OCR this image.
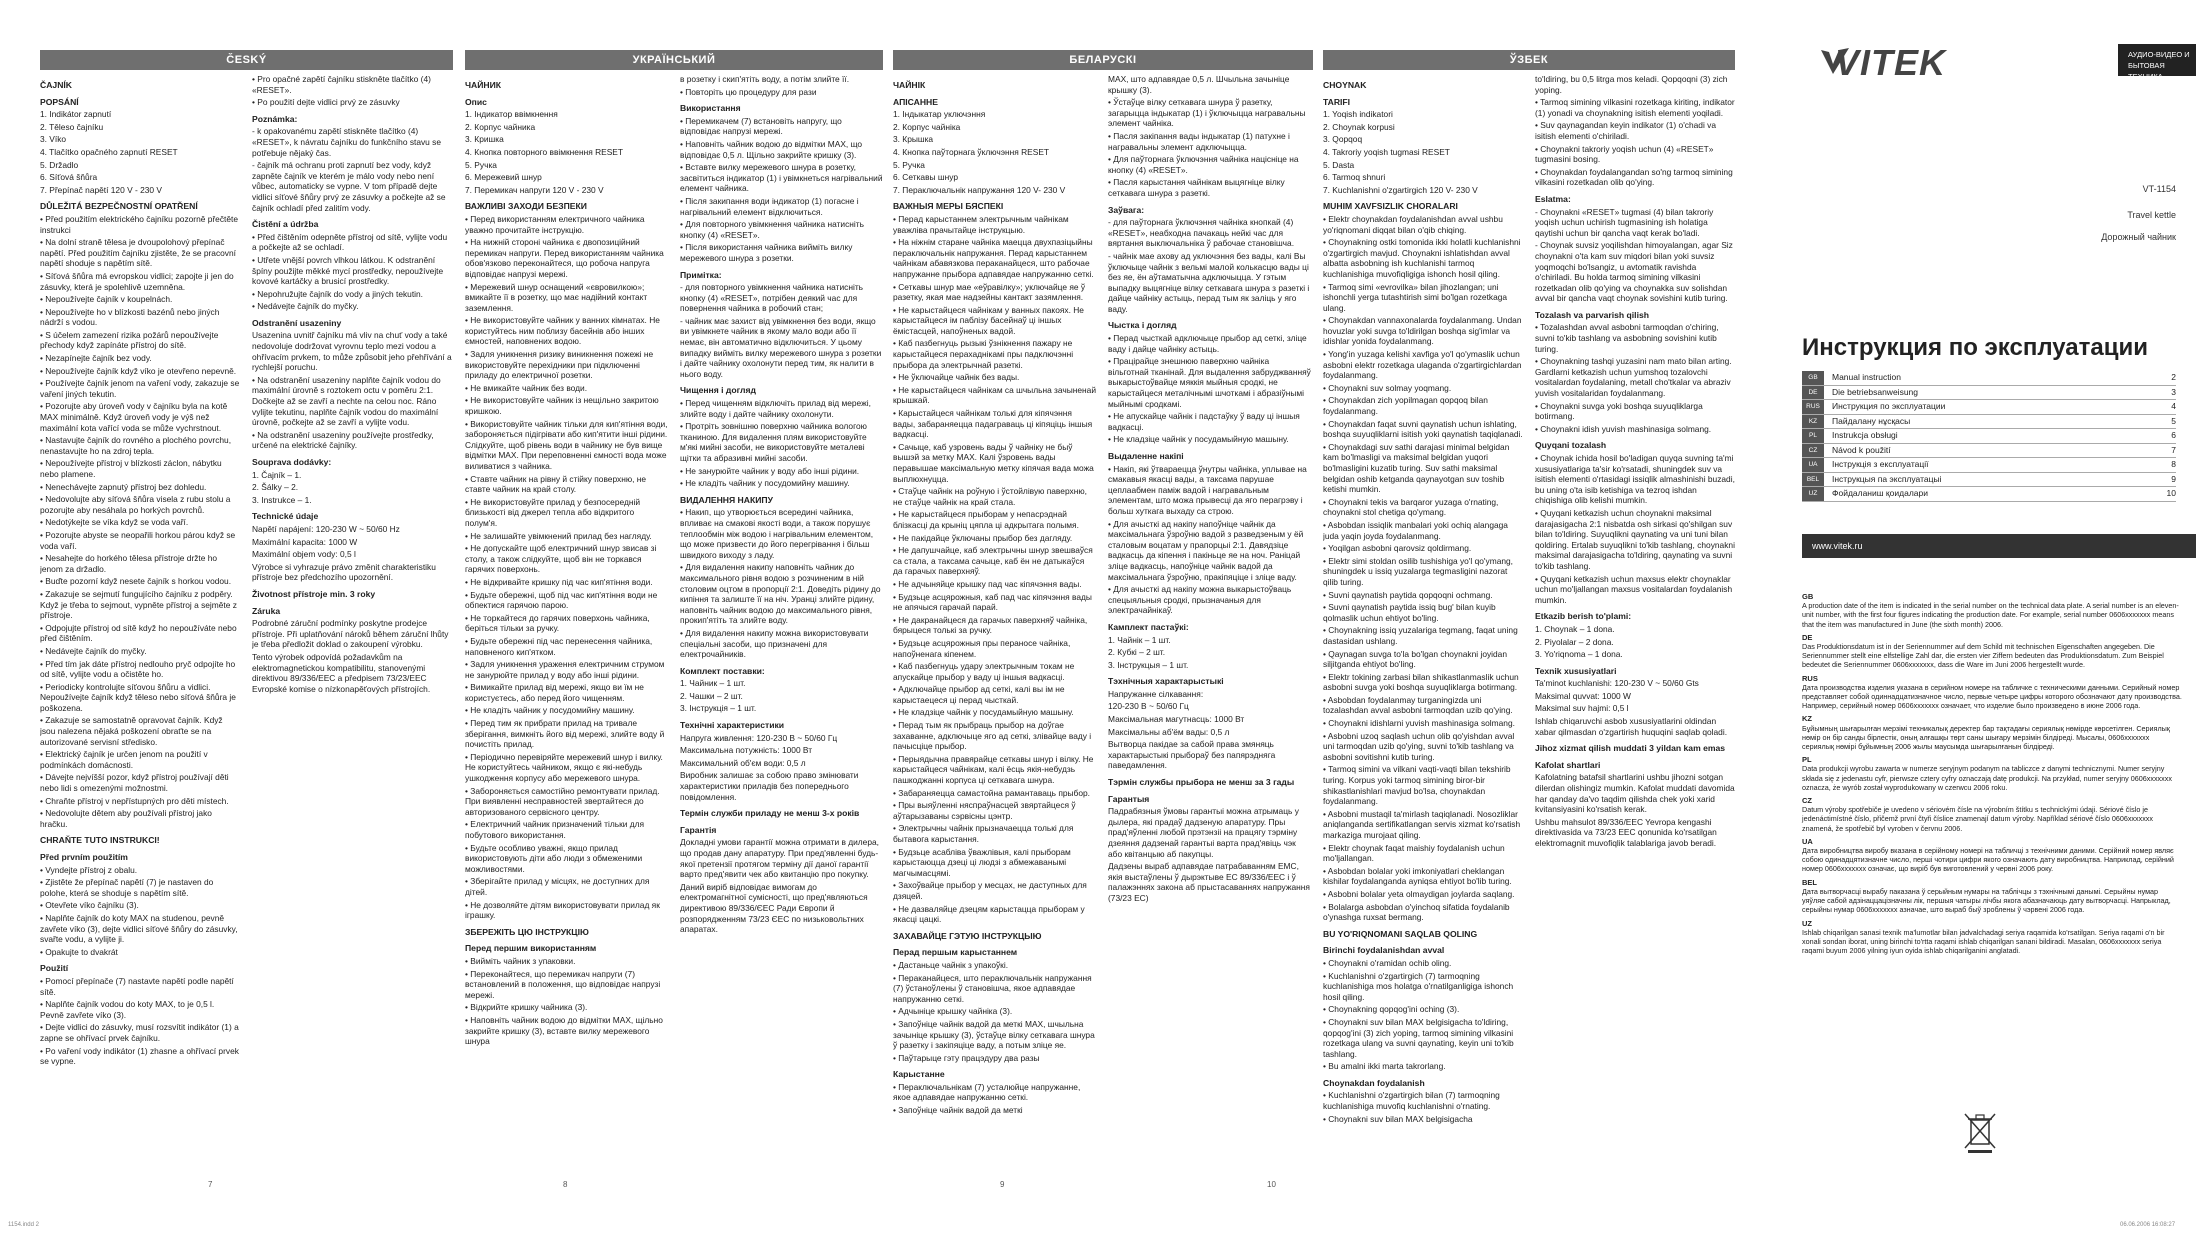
ČESKÝ	УКРАЇНСЬКИЙ	БЕЛАРУСКI	ЎЗБЕК
ČAJNÍK
POPSÁNÍ

1. Indikátor zapnutí

2. Těleso čajníku

3. Víko

4. Tlačítko opačného zapnutí RESET

5. Držadlo

6. Síťová šňůra

7. Přepínač napětí 120 V - 230 V

DŮLEŽITÁ BEZPEČNOSTNÍ OPATŘENÍ

• Před použitím elektrického čajníku pozorně přečtěte instrukci

• Na dolní straně tělesa je dvoupolohový přepínač napětí. Před použitím čajníku zjistěte, že se pracovní napětí shoduje s napětím sítě.

• Síťová šňůra má evropskou vidlici; zapojte ji jen do zásuvky, která je spolehlivě uzemněna.

• Nepoužívejte čajník v koupelnách.

• Nepoužívejte ho v blízkosti bazénů nebo jiných nádrží s vodou.

• S účelem zamezení rizika požárů nepoužívejte přechody když zapínáte přístroj do sítě.

• Nezapínejte čajník bez vody.

• Nepoužívejte čajník když víko je otevřeno nepevně.

• Používejte čajník jenom na vaření vody, zakazuje se vaření jiných tekutin.

• Pozorujte aby úroveň vody v čajníku byla na kotě MAX minimálně. Když úroveň vody je výš než maximální kota vařící voda se může vychrstnout.

• Nastavujte čajník do rovného a plochého povrchu, nenastavujte ho na zdroj tepla.

• Nepoužívejte přístroj v blízkosti záclon, nábytku nebo plamene.

• Nenechávejte zapnutý přístroj bez dohledu.

• Nedovolujte aby síťová šňůra visela z rubu stolu a pozorujte aby nesáhala po horkých povrchů.

• Nedotýkejte se víka když se voda vaří.

• Pozorujte abyste se neopařili horkou párou když se voda vaří.

• Nesahejte do horkého tělesa přístroje držte ho jenom za držadlo.

• Buďte pozorní když nesete čajník s horkou vodou.

• Zakazuje se sejmutí fungujícího čajníku z podpěry. Když je třeba to sejmout, vypněte přístroj a sejměte z přístroje.

• Odpojujte přístroj od sítě když ho nepoužíváte nebo před čištěním.

• Nedávejte čajník do myčky.

• Před tím jak dáte přístroj nedlouho pryč odpojíte ho od sítě, vylijte vodu a očistěte ho.

• Periodicky kontrolujte síťovou šňůru a vidlici. Nepoužívejte čajník když těleso nebo síťová šňůra je poškozena.

• Zakazuje se samostatně opravovat čajník. Když jsou nalezena nějaká poškození obraťte se na autorizované servisní středisko.

• Elektrický čajník je určen jenom na použití v podmínkách domácnosti.

• Dávejte nejvíšší pozor, když přístroj používají děti nebo lidi s omezenými možnostmi.

• Chraňte přístroj v nepřístupných pro děti místech.

• Nedovolujte dětem aby používali přístroj jako hračku.

CHRAŇTE TUTO INSTRUKCI!
Před prvním použitím

• Vyndejte přístroj z obalu.

• Zjistěte že přepínač napětí (7) je nastaven do polohe, která se shoduje s napětím sítě.

• Otevřete víko čajníku (3).

• Naplňte čajník do koty MAX na studenou, pevně zavřete víko (3), dejte vidlici síťové šňůry do zásuvky, svařte vodu, a vylijte ji.

• Opakujte to dvakrát

Použití

• Pomocí přepínače (7) nastavte napětí podle napětí sítě.

• Naplňte čajník vodou do koty MAX, to je 0,5 l. Pevně zavřete víko (3).

• Dejte vidlici do zásuvky, musí rozsvítit indikátor (1) a zapne se ohřívací prvek čajníku.

• Po vaření vody indikátor (1) zhasne a ohřívací prvek se vypne.

• Pro opačné zapětí čajníku stiskněte tlačítko (4) «RESET».

• Po použití dejte vidlici prvý ze zásuvky

Poznámka:

- k opakovanému zapětí stiskněte tlačítko (4) «RESET», k návratu čajníku do funkčního stavu se potřebuje nějaký čas.

- čajník má ochranu proti zapnutí bez vody, když zapněte čajník ve kterém je málo vody nebo není vůbec, automaticky se vypne. V tom případě dejte vidlici síťové šňůry prvý ze zásuvky a počkejte až se čajník ochladí před zalitím vody.

Čistění a údržba

• Před čištěním odepněte přístroj od sítě, vylijte vodu a počkejte až se ochladí.

• Utřete vnější povrch vlhkou látkou. K odstranění špíny použijte měkké mycí prostředky, nepoužívejte kovové kartáčky a brusicí prostředky.

• Nepohružujte čajník do vody a jiných tekutin.

• Nedávejte čajník do myčky.

Odstranění usazeniny

Usazenina uvnitř čajníku má vliv na chuť vody a také nedovoluje dodržovat vyrovnu teplo mezi vodou a ohřívacím prvkem, to může způsobit jeho přehřívání a rychlejší poruchu.

• Na odstranění usazeniny naplňte čajník vodou do maximální úrovně s roztokem octu v poměru 2:1. Dočkejte až se zavří a nechte na celou noc. Ráno vylijte tekutinu, naplňte čajník vodou do maximální úrovně, počkejte až se zavří a vylijte vodu.

• Na odstranění usazeniny používejte prostředky, určené na elektrické čajníky.

Souprava dodávky:

1. Čajník – 1.

2. Šálky – 2.

3. Instrukce – 1.

Technické údaje

Napětí napájení: 120-230 W ~ 50/60 Hz

Maximální kapacita: 1000 W

Maximální objem vody: 0,5 l

Výrobce si vyhrazuje právo změnit charakteristiku přístroje bez předchozího upozornění.

Životnost přístroje min. 3 roky
Záruka

Podrobné záruční podmínky poskytne prodejce přístroje. Při uplatňování nároků během záruční lhůty je třeba předložit doklad o zakoupení výrobku.

Tento výrobek odpovídá požadavkům na elektromagnetickou kompatibilitu, stanovenými direktivou 89/336/EEC a předpisem 73/23/EEC Evropské komise o nízkonapěťových přístrojích.

ЧАЙНИК
Опис

1. Індикатор ввімкнення

2. Корпус чайника

3. Кришка

4. Кнопка повторного ввімкнення RESET

5. Ручка

6. Мережевий шнур

7. Перемикач напруги 120 V - 230 V

ВАЖЛИВІ ЗАХОДИ БЕЗПЕКИ

• Перед використанням електричного чайника уважно прочитайте інструкцію.

• На нижній стороні чайника є двопозиційний перемикач напруги. Перед використанням чайника обов'язково переконайтеся, що робоча напруга відповідає напрузі мережі.

• Мережевий шнур оснащений «євровилкою»; вмикайте її в розетку, що має надійний контакт заземлення.

• Не використовуйте чайник у ванних кімнатах. Не користуйтесь ним поблизу басейнів або інших ємностей, наповнених водою.

• Задля уникнення ризику виникнення пожежі не використовуйте перехідники при підключенні приладу до електричної розетки.

• Не вмикайте чайник без води.

• Не використовуйте чайник із нещільно закритою кришкою.

• Використовуйте чайник тільки для кип'ятіння води, забороняється підігрівати або кип'ятити інші рідини. Слідкуйте, щоб рівень води в чайнику не був вище відмітки MAX. При переповненні ємності вода може виливатися з чайника.

• Ставте чайник на рівну й стійку поверхню, не ставте чайник на край столу.

• Не використовуйте прилад у безпосередній близькості від джерел тепла або відкритого полум'я.

• Не залишайте увімкнений прилад без нагляду.

• Не допускайте щоб електричний шнур звисав зі столу, а також слідкуйте, щоб він не торкався гарячих поверхонь.

• Не відкривайте кришку під час кип'ятіння води.

• Будьте обережні, щоб під час кип'ятіння води не обпектися гарячою парою.

• Не торкайтеся до гарячих поверхонь чайника, беріться тільки за ручку.

• Будьте обережні під час перенесення чайника, наповненого кип'ятком.

• Задля уникнення ураження електричним струмом не занурюйте прилад у воду або інші рідини.

• Вимикайте прилад від мережі, якщо ви їм не користуєтесь, або перед його чищенням.

• Не кладіть чайник у посудомийну машину.

• Перед тим як прибрати прилад на тривале зберігання, вимкніть його від мережі, злийте воду й почистіть прилад.

• Періодично перевіряйте мережевий шнур і вилку. Не користуйтесь чайником, якщо є які-небудь ушкодження корпусу або мережевого шнура.

• Забороняється самостійно ремонтувати прилад. При виявленні несправностей звертайтеся до авторизованого сервісного центру.

• Електричний чайник призначений тільки для побутового використання.

• Будьте особливо уважні, якщо прилад використовують діти або люди з обмеженими можливостями.

• Зберігайте прилад у місцях, не доступних для дітей.

• Не дозволяйте дітям використовувати прилад як іграшку.

ЗБЕРЕЖІТЬ ЦЮ ІНСТРУКЦІЮ
Перед першим використанням

• Вийміть чайник з упаковки.

• Переконайтеся, що перемикач напруги (7) встановлений в положення, що відповідає напрузі мережі.

• Відкрийте кришку чайника (3).

• Наповніть чайник водою до відмітки MAX, щільно закрийте кришку (3), вставте вилку мережевого шнура

в розетку і скип'ятіть воду, а потім злийте її.

• Повторіть цю процедуру для рази

Використання

• Перемикачем (7) встановіть напругу, що відповідає напрузі мережі.

• Наповніть чайник водою до відмітки MAX, що відповідає 0,5 л. Щільно закрийте кришку (3).

• Вставте вилку мережевого шнура в розетку, засвітиться індикатор (1) і увімкнеться нагрівальний елемент чайника.

• Після закипання води індикатор (1) погасне і нагрівальний елемент відключиться.

• Для повторного увімкнення чайника натисніть кнопку (4) «RESET».

• Після використання чайника вийміть вилку мережевого шнура з розетки.

Примітка:

- для повторного увімкнення чайника натисніть кнопку (4) «RESET», потрібен деякий час для повернення чайника в робочий стан;

- чайник має захист від увімкнення без води, якщо ви увімкнете чайник в якому мало води або її немає, він автоматично відключиться. У цьому випадку вийміть вилку мережевого шнура з розетки і дайте чайнику охолонути перед тим, як налити в нього воду.

Чищення і догляд

• Перед чищенням відключіть прилад від мережі, злийте воду і дайте чайнику охолонути.

• Протріть зовнішню поверхню чайника вологою тканиною. Для видалення плям використовуйте м'які мийні засоби, не використовуйте металеві щітки та абразивні мийні засоби.

• Не занурюйте чайник у воду або інші рідини.

• Не кладіть чайник у посудомийну машину.

ВИДАЛЕННЯ НАКИПУ

• Накип, що утворюється всередині чайника, впливає на смакові якості води, а також порушує теплообмін між водою і нагрівальним елементом, що може призвести до його перегрівання і більш швидкого виходу з ладу.

• Для видалення накипу наповніть чайник до максимального рівня водою з розчиненим в ній столовим оцтом в пропорції 2:1. Доведіть рідину до кипіння та залиште її на ніч. Уранці злийте рідину, наповніть чайник водою до максимального рівня, прокип'ятіть та злийте воду.

• Для видалення накипу можна використовувати спеціальні засоби, що призначені для електрочайників.

Комплект поставки:

1. Чайник – 1 шт.

2. Чашки – 2 шт.

3. Інструкція – 1 шт.

Технічні характеристики

Напруга живлення: 120-230 В ~ 50/60 Гц

Максимальна потужність: 1000 Вт

Максимальний об'єм води: 0,5 л

Виробник залишає за собою право змінювати характеристики приладів без попереднього повідомлення.

Термін служби приладу не менш 3-х років
Гарантія

Докладні умови гарантії можна отримати в дилера, що продав дану апаратуру. При пред'явленні будь-якої претензії протягом терміну дії даної гарантії варто пред'явити чек або квитанцію про покупку.

Даний виріб відповідає вимогам до електромагнітної сумісності, що пред'являються директивою 89/336/ЄЕС Ради Європи й розпорядженням 73/23 ЄЕС по низьковольтних апаратах.

ЧАЙНIК
АПIСАННЕ

1. Індыкатар уключэння

2. Корпус чайніка

3. Крышка

4. Кнопка паўторнага ўключэння RESET

5. Ручка

6. Сеткавы шнур

7. Пераключальнік напружання 120 V- 230 V

ВАЖНЫЯ МЕРЫ БЯСПЕКI

• Перад карыстаннем электрычным чайнікам уважліва прачытайце інструкцыю.

• На ніжнім старане чайніка маецца двухпазіцыйны пераключальнік напружання. Перад карыстаннем чайнікам абавязкова пераканайцеся, што рабочае напружанне прыбора адпавядае напружанню сеткі.

• Сеткавы шнур мае «еўравілку»; уключайце яе ў разетку, якая мае надзейны кантакт зазямлення.

• Не карыстайцеся чайнікам у ванных пакоях. Не карыстайцеся ім паблізу басейнаў ці іншых ёмістасцей, напоўненых вадой.

• Каб пазбегнуць рызыкі ўзнікнення пажару не карыстайцеся перахаднікамі пры падключэнні прыбора да электрычнай разеткі.

• Не ўключайце чайнік без вады.

• Не карыстайцеся чайнікам са шчыльна зачыненай крышкай.

• Карыстайцеся чайнікам толькі для кіпячэння вады, забараняецца падаграваць ці кіпяціць іншыя вадкасці.

• Сачыце, каб узровень вады ў чайніку не быў вышэй за метку MAX. Калі ўзровень вады перавышае максімальную метку кіпячая вада можа выплюхнуцца.

• Стаўце чайнік на роўную і ўстойлівую паверхню, не стаўце чайнік на край стала.

• Не карыстайцеся прыборам у непасрэднай блізкасці да крыніц цяпла ці адкрытага полымя.

• Не пакідайце ўключаны прыбор без дагляду.

• Не дапушчайце, каб электрычны шнур звешваўся са стала, а таксама сачыце, каб ён не датыкаўся да гарачых паверхняў.

• Не адчыняйце крышку пад час кіпячэння вады.

• Будзьце асцярожныя, каб пад час кіпячэння вады не апячыся гарачай парай.

• Не дакранайцеся да гарачых паверхняў чайніка, бярыцеся толькі за ручку.

• Будзьце асцярожныя пры пераносе чайніка, напоўненага кіпенем.

• Каб пазбегнуць удару электрычным токам не апускайце прыбор у ваду ці іншыя вадкасці.

• Адключайце прыбор ад сеткі, калі вы ім не карыстаецеся ці перад чысткай.

• Не кладзіце чайнік у посудамыйную машыну.

• Перад тым як прыбраць прыбор на доўгае захаванне, адключыце яго ад сеткі, злівайце ваду і пачысціце прыбор.

• Перыядычна правярайце сеткавы шнур і вілку. Не карыстайцеся чайнікам, калі ёсць якія-небудзь пашкоджанні корпуса ці сеткавага шнура.

• Забараняецца самастойна рамантаваць прыбор.

• Пры выяўленні няспраўнасцей звяртайцеся ў аўтарызаваны сэрвісны цэнтр.

• Электрычны чайнік прызначаецца толькі для бытавога карыстання.

• Будзьце асабліва ўважлівыя, калі прыборам карыстаюцца дзеці ці людзі з абмежаванымі магчымасцямі.

• Захоўвайце прыбор у месцах, не даступных для дзяцей.

• Не дазваляйце дзецям карыстацца прыборам у якасці цацкі.

ЗАХАВАЙЦЕ ГЭТУЮ IНСТРУКЦЫЮ
Перад першым карыстаннем

• Дастаньце чайнік з упакоўкі.

• Пераканайцеся, што пераключальнік напружання (7) ўстаноўлены ў становішча, якое адпавядае напружанню сеткі.

• Адчыніце крышку чайніка (3).

• Запоўніце чайнік вадой да меткі MAX, шчыльна зачыніце крышку (3), ўстаўце вілку сеткавага шнура ў разетку і закіпяціце ваду, а потым зліце яе.

• Паўтарыце гэту працэдуру два разы

Карыстанне

• Пераключальнікам (7) усталюйце напружанне, якое адпавядае напружанню сеткі.

• Запоўніце чайнік вадой да меткі

MAX, што адпавядае 0,5 л. Шчыльна зачыніце крышку (3).

• Ўстаўце вілку сеткавага шнура ў разетку, загарыцца індыкатар (1) і ўключыцца награвальны элемент чайніка.

• Пасля закіпання вады індыкатар (1) патухне і награвальны элемент адключыцца.

• Для паўторнага ўключэння чайніка націсніце на кнопку (4) «RESET».

• Пасля карыстання чайнікам выцягніце вілку сеткавага шнура з разеткі.

Заўвага:

- для паўторнага ўключэння чайніка кнопкай (4) «RESET», неабходна пачакаць нейкі час для вяртання выключальніка ў рабочае становішча.

- чайнік мае ахову ад уключэння без вады, калі Вы ўключыце чайнік з вельмі малой колькасцю вады ці без яе, ён аўтаматычна адключыцца. У гэтым выпадку выцягніце вілку сеткавага шнура з разеткі і дайце чайніку астыць, перад тым як заліць у яго ваду.

Чыстка і догляд

• Перад чысткай адключыце прыбор ад сеткі, зліце ваду і дайце чайніку астыць.

• Працірайце знешнюю паверхню чайніка вільготнай тканінай. Для выдалення забруджванняў выкарыстоўвайце мяккія мыйныя сродкі, не карыстайцеся металічнымі шчоткамі і абразіўнымі мыйнымі сродкамі.

• Не апускайце чайнік і падстаўку ў ваду ці іншыя вадкасці.

• Не кладзіце чайнік у посудамыйную машыну.

Выдаленне накіпі

• Накіп, які ўтвараецца ўнутры чайніка, уплывае на смакавыя якасці вады, а таксама парушае цеплаабмен паміж вадой і награвальным элементам, што можа прывесці да яго перагрэву і больш хуткага выхаду са строю.

• Для ачысткі ад накіпу напоўніце чайнік да максімальнага ўзроўню вадой з разведзеным у ёй сталовым воцатам у прапорцыі 2:1. Давядзіце вадкасць да кіпення і пакіньце яе на ноч. Раніцай зліце вадкасць, напоўніце чайнік вадой да максімальнага ўзроўню, пракіпяціце і зліце ваду.

• Для ачысткі ад накіпу можна выкарыстоўваць спецыяльныя сродкі, прызначаныя для электрачайнікаў.

Камплект пастаўкі:

1. Чайнік – 1 шт.

2. Кубкі – 2 шт.

3. Інструкцыя – 1 шт.

Тэхнічныя характарыстыкі

Напружанне сілкавання:

120-230 В ~ 50/60 Гц

Максімальная магутнасць: 1000 Вт

Максімальны аб'ём вады: 0,5 л

Вытворца пакідае за сабой права змяняць характарыстыкі прыбораў без папярэдняга паведамлення.

Тэрмін службы прыбора не менш за 3 гады
Гарантыя

Падрабязныя ўмовы гарантыі можна атрымаць у дылера, які прадаў дадзеную апаратуру. Пры прад'яўленні любой прэтэнзіі на працягу тэрміну дзеяння дадзенай гарантыі варта прад'явіць чэк або квітанцыю аб пакупцы.

Дадзены выраб адпавядае патрабаванням ЕМС, якія выстаўлены ў дырэктыве ЕС 89/336/ЕЕС і ў палажэннях закона аб прыстасаваннях напружання (73/23 ЕС)

CHOYNAK
TARIFI

1. Yoqish indikatori

2. Choynak korpusi

3. Qopqoq

4. Takroriy yoqish tugmasi RESET

5. Dasta

6. Tarmoq shnuri

7. Kuchlanishni o'zgartirgich 120 V- 230 V

MUHIM XAVFSIZLIK CHORALARI

• Elektr choynakdan foydalanishdan avval ushbu yo'riqnomani diqqat bilan o'qib chiqing.

• Choynakning ostki tomonida ikki holatli kuchlanishni o'zgartirgich mavjud. Choynakni ishlatishdan avval albatta asbobning ish kuchlanishi tarmoq kuchlanishiga muvofiqligiga ishonch hosil qiling.

• Tarmoq simi «evrovilka» bilan jihozlangan; uni ishonchli yerga tutashtirish simi bo'lgan rozetkaga ulang.

• Choynakdan vannaxonalarda foydalanmang. Undan hovuzlar yoki suvga to'ldirilgan boshqa sig'imlar va idishlar yonida foydalanmang.

• Yong'in yuzaga kelishi xavfiga yo'l qo'ymaslik uchun asbobni elektr rozetkaga ulaganda o'zgartirgichlardan foydalanmang.

• Choynakni suv solmay yoqmang.

• Choynakdan zich yopilmagan qopqoq bilan foydalanmang.

• Choynakdan faqat suvni qaynatish uchun ishlating, boshqa suyuqliklarni isitish yoki qaynatish taqiqlanadi.

• Choynakdagi suv sathi darajasi minimal belgidan kam bo'lmasligi va maksimal belgidan yuqori bo'lmasligini kuzatib turing. Suv sathi maksimal belgidan oshib ketganda qaynayotgan suv toshib ketishi mumkin.

• Choynakni tekis va barqaror yuzaga o'rnating, choynakni stol chetiga qo'ymang.

• Asbobdan issiqlik manbalari yoki ochiq alangaga juda yaqin joyda foydalanmang.

• Yoqilgan asbobni qarovsiz qoldirmang.

• Elektr simi stoldan osilib tushishiga yo'l qo'ymang, shuningdek u issiq yuzalarga tegmasligini nazorat qilib turing.

• Suvni qaynatish paytida qopqoqni ochmang.

• Suvni qaynatish paytida issiq bug' bilan kuyib qolmaslik uchun ehtiyot bo'ling.

• Choynakning issiq yuzalariga tegmang, faqat uning dastasidan ushlang.

• Qaynagan suvga to'la bo'lgan choynakni joyidan siljitganda ehtiyot bo'ling.

• Elektr tokining zarbasi bilan shikastlanmaslik uchun asbobni suvga yoki boshqa suyuqliklarga botirmang.

• Asbobdan foydalanmay turganingizda uni tozalashdan avval asbobni tarmoqdan uzib qo'ying.

• Choynakni idishlarni yuvish mashinasiga solmang.

• Asbobni uzoq saqlash uchun olib qo'yishdan avval uni tarmoqdan uzib qo'ying, suvni to'kib tashlang va asbobni sovitishni kutib turing.

• Tarmoq simini va vilkani vaqti-vaqti bilan tekshirib turing. Korpus yoki tarmoq simining biror-bir shikastlanishlari mavjud bo'lsa, choynakdan foydalanmang.

• Asbobni mustaqil ta'mirlash taqiqlanadi. Nosozliklar aniqlanganda sertifikatlangan servis xizmat ko'rsatish markaziga murojaat qiling.

• Elektr choynak faqat maishiy foydalanish uchun mo'ljallangan.

• Asbobdan bolalar yoki imkoniyatlari cheklangan kishilar foydalanganda ayniqsa ehtiyot bo'lib turing.

• Asbobni bolalar yeta olmaydigan joylarda saqlang.

• Bolalarga asbobdan o'yinchoq sifatida foydalanib o'ynashga ruxsat bermang.

BU YO'RIQNOMANI SAQLAB QOLING
Birinchi foydalanishdan avval

• Choynakni o'ramidan ochib oling.

• Kuchlanishni o'zgartirgich (7) tarmoqning kuchlanishiga mos holatga o'rnatilganligiga ishonch hosil qiling.

• Choynakning qopqog'ini oching (3).

• Choynakni suv bilan MAX belgisigacha to'ldiring, qopqog'ini (3) zich yoping, tarmoq simining vilkasini rozetkaga ulang va suvni qaynating, keyin uni to'kib tashlang.

• Bu amalni ikki marta takrorlang.

Choynakdan foydalanish

• Kuchlanishni o'zgartirgich bilan (7) tarmoqning kuchlanishiga muvofiq kuchlanishni o'rnating.

• Choynakni suv bilan MAX belgisigacha

to'ldiring, bu 0,5 litrga mos keladi. Qopqoqni (3) zich yoping.

• Tarmoq simining vilkasini rozetkaga kiriting, indikator (1) yonadi va choynakning isitish elementi yoqiladi.

• Suv qaynagandan keyin indikator (1) o'chadi va isitish elementi o'chiriladi.

• Choynakni takroriy yoqish uchun (4) «RESET» tugmasini bosing.

• Choynakdan foydalangandan so'ng tarmoq simining vilkasini rozetkadan olib qo'ying.

Eslatma:

- Choynakni «RESET» tugmasi (4) bilan takroriy yoqish uchun uchirish tugmasining ish holatiga qaytishi uchun bir qancha vaqt kerak bo'ladi.

- Choynak suvsiz yoqilishdan himoyalangan, agar Siz choynakni o'ta kam suv miqdori bilan yoki suvsiz yoqmoqchi bo'lsangiz, u avtomatik ravishda o'chiriladi. Bu holda tarmoq simining vilkasini rozetkadan olib qo'ying va choynakka suv solishdan avval bir qancha vaqt choynak sovishini kutib turing.

Tozalash va parvarish qilish

• Tozalashdan avval asbobni tarmoqdan o'chiring, suvni to'kib tashlang va asbobning sovishini kutib turing.

• Choynakning tashqi yuzasini nam mato bilan arting. Gardlarni ketkazish uchun yumshoq tozalovchi vositalardan foydalaning, metall cho'tkalar va abraziv yuvish vositalaridan foydalanmang.

• Choynakni suvga yoki boshqa suyuqliklarga botirmang.

• Choynakni idish yuvish mashinasiga solmang.

Quyqani tozalash

• Choynak ichida hosil bo'ladigan quyqa suvning ta'mi xususiyatlariga ta'sir ko'rsatadi, shuningdek suv va isitish elementi o'rtasidagi issiqlik almashinishi buzadi, bu uning o'ta isib ketishiga va tezroq ishdan chiqishiga olib kelishi mumkin.

• Quyqani ketkazish uchun choynakni maksimal darajasigacha 2:1 nisbatda osh sirkasi qo'shilgan suv bilan to'ldiring. Suyuqlikni qaynating va uni tuni bilan qoldiring. Ertalab suyuqlikni to'kib tashlang, choynakni maksimal darajasigacha to'ldiring, qaynating va suvni to'kib tashlang.

• Quyqani ketkazish uchun maxsus elektr choynaklar uchun mo'ljallangan maxsus vositalardan foydalanish mumkin.

Etkazib berish to'plami:

1. Choynak – 1 dona.

2. Piyolalar – 2 dona.

3. Yo'riqnoma – 1 dona.

Texnik xususiyatlari

Ta'minot kuchlanishi: 120-230 V ~ 50/60 Gts

Maksimal quvvat: 1000 W

Maksimal suv hajmi: 0,5 l

Ishlab chiqaruvchi asbob xususiyatlarini oldindan xabar qilmasdan o'zgartirish huquqini saqlab qoladi.

Jihoz xizmat qilish muddati 3 yildan kam emas
Kafolat shartlari

Kafolatning batafsil shartlarini ushbu jihozni sotgan dilerdan olishingiz mumkin. Kafolat muddati davomida har qanday da'vo taqdim qilishda chek yoki xarid kvitansiyasini ko'rsatish kerak.

Ushbu mahsulot 89/336/EEC Yevropa kengashi direktivasida va 73/23 EEC qonunida ko'rsatilgan elektromagnit muvofiqlik talablariga javob beradi.

7	8	9	10
VITEK	АУДИО-ВИДЕО И
БЫТОВАЯ ТЕХНИКА
VT-1154
Travel kettle
Дорожный чайник
Инструкция по эксплуатации
GB	Manual instruction	2
DE	Die betriebsanweisung	3
RUS	Инструкция по эксплуатации	4
KZ	Пайдалану нұсқасы	5
PL	Instrukcja obsługi	6
CZ	Návod k použití	7
UA	Інструкція з експлуатації	8
BEL	Інструкцыя па эксплуатацыi	9
UZ	Фойдаланиш қоидалари	10
www.vitek.ru
GB

A production date of the item is indicated in the serial number on the technical data plate. A serial number is an eleven-unit number, with the first four figures indicating the production date. For example, serial number 0606xxxxxxx means that the item was manufactured in June (the sixth month) 2006.

DE

Das Produktionsdatum ist in der Seriennummer auf dem Schild mit technischen Eigenschaften angegeben. Die Seriennummer stellt eine elfstellige Zahl dar, die ersten vier Ziffern bedeuten das Produktionsdatum. Zum Beispiel bedeutet die Seriennummer 0606xxxxxxx, dass die Ware im Juni 2006 hergestellt wurde.

RUS

Дата производства изделия указана в серийном номере на табличке с техническими данными. Серийный номер представляет собой одиннадцатизначное число, первые четыре цифры которого обозначают дату производства. Например, серийный номер 0606xxxxxxx означает, что изделие было произведено в июне 2006 года.

KZ

Бұйымның шығарылған мерзімі техникалық деректер бар тақтадағы сериялық нөмірде көрсетілген. Сериялық нөмір он бір санды бірлестік, оның алғашқы төрт саны шығару мерзімін білдіреді. Мысалы, 0606xxxxxxx сериялық нөмірі бұйымның 2006 жылы маусымда шығарылғанын білдіреді.

PL

Data produkcji wyrobu zawarta w numerze seryjnym podanym na tabliczce z danymi technicznymi. Numer seryjny składa się z jedenastu cyfr, pierwsze cztery cyfry oznaczają datę produkcji. Na przykład, numer seryjny 0606xxxxxxx oznacza, że wyrób został wyprodukowany w czerwcu 2006 roku.

CZ

Datum výroby spotřebiče je uvedeno v sériovém čísle na výrobním štítku s technickými údaji. Sériové číslo je jedenáctimístné číslo, přičemž první čtyři číslice znamenají datum výroby. Například sériové číslo 0606xxxxxxx znamená, že spotřebič byl vyroben v červnu 2006.

UA

Дата виробництва виробу вказана в серійному номері на табличці з технічними даними. Серійний номер являє собою одинадцятизначне число, перші чотири цифри якого означають дату виробництва. Наприклад, серійний номер 0606xxxxxxx означає, що виріб був виготовлений у червні 2006 року.

BEL

Дата вытворчасці вырабу паказана ў серыйным нумары на таблічцы з тэхнічнымі данымі. Серыйны нумар уяўляе сабой адзінаццацізначны лік, першыя чатыры лічбы якога абазначаюць дату вытворчасці. Напрыклад, серыйны нумар 0606xxxxxxx азначае, што выраб быў зроблены ў чэрвені 2006 года.

UZ

Ishlab chiqarilgan sanasi texnik ma'lumotlar bilan jadvalchadagi seriya raqamida ko'rsatilgan. Seriya raqami o'n bir xonali sondan iborat, uning birinchi to'rtta raqami ishlab chiqarilgan sanani bildiradi. Masalan, 0606xxxxxxx seriya raqami buyum 2006 yilning iyun oyida ishlab chiqarilganini anglatadi.

1154.indd 2	06.06.2006 16:08:27
